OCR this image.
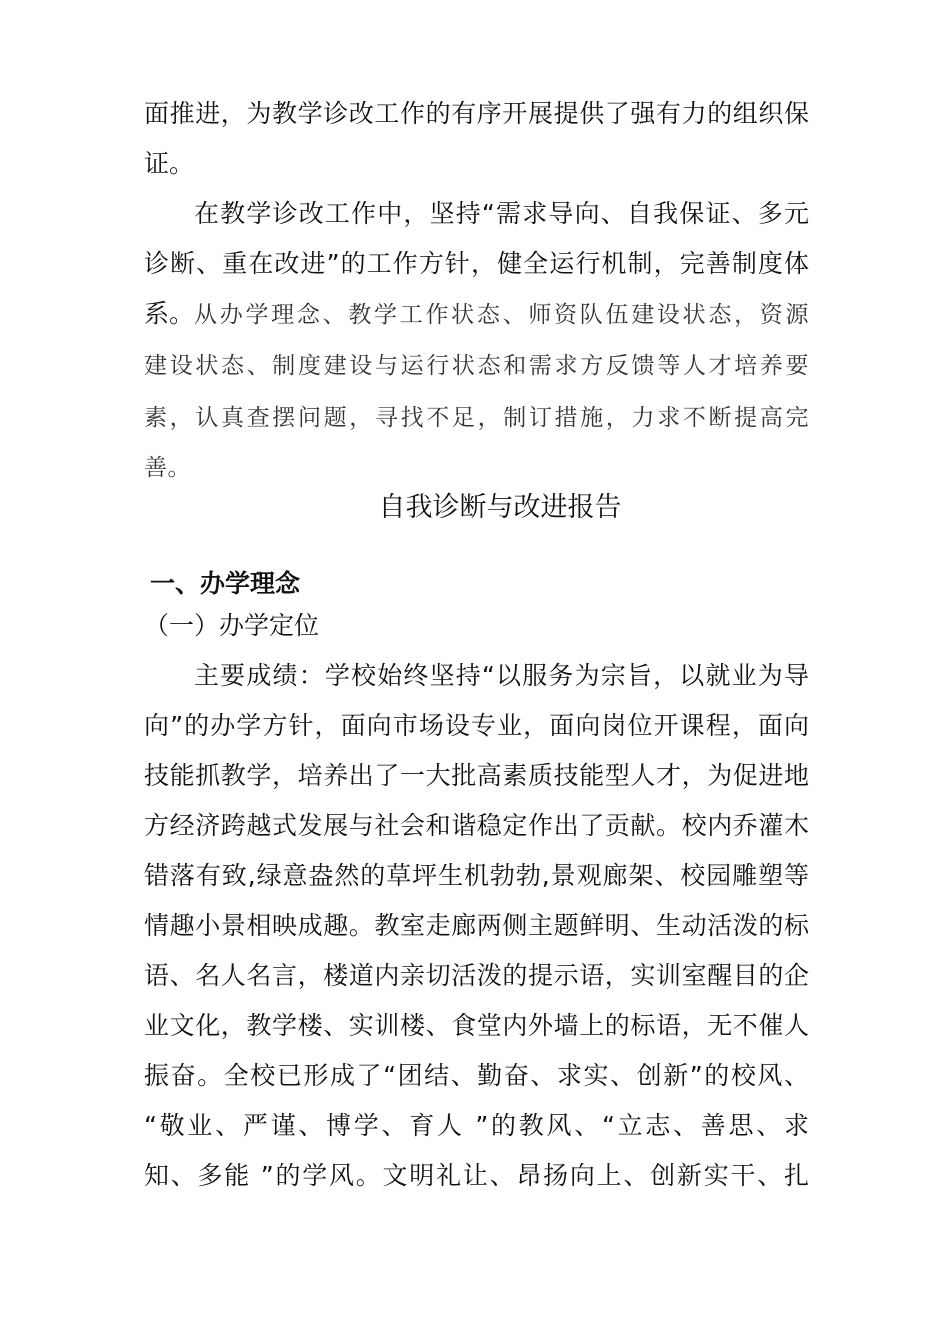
面推进，为教学诊改工作的有序开展提供了强有力的组织保
证。
在教学诊改工作中，坚持“需求导向、自我保证、多元
诊断、重在改进”的工作方针，健全运行机制，完善制度体
系。 从办学理念、教学工作状态、师资队伍建设状态，资源
建设状态、制度建设与运行状态和需求方反馈等人才培养要
素，认真查摆问题，寻找不足，制订措施，力求不断提高完
善。
自我诊断与改进报告
一、办学理念
（一）办学定位
主要成绩：学校始终坚持“以服务为宗旨，以就业为导
向”的办学方针，面向市场设专业，面向岗位开课程，面向
技能抓教学，培养出了一大批高素质技能型人才，为促进地
方经济跨越式发展与社会和谐稳定作出了贡献。校内乔灌木
错落有致,绿意盎然的草坪生机勃勃,景观廊架、校园雕塑等
情趣小景相映成趣。教室走廊两侧主题鲜明、生动活泼的标
语、名人名言，楼道内亲切活泼的提示语，实训室醒目的企
业文化，教学楼、实训楼、食堂内外墙上的标语，无不催人
振奋。全校已形成了“团结、勤奋、求实、创新”的校风、
“敬业、严谨、博学、育人 ”的教风、“立志、善思、求
知、多能 ”的学风。文明礼让、昂扬向上、创新实干、扎
